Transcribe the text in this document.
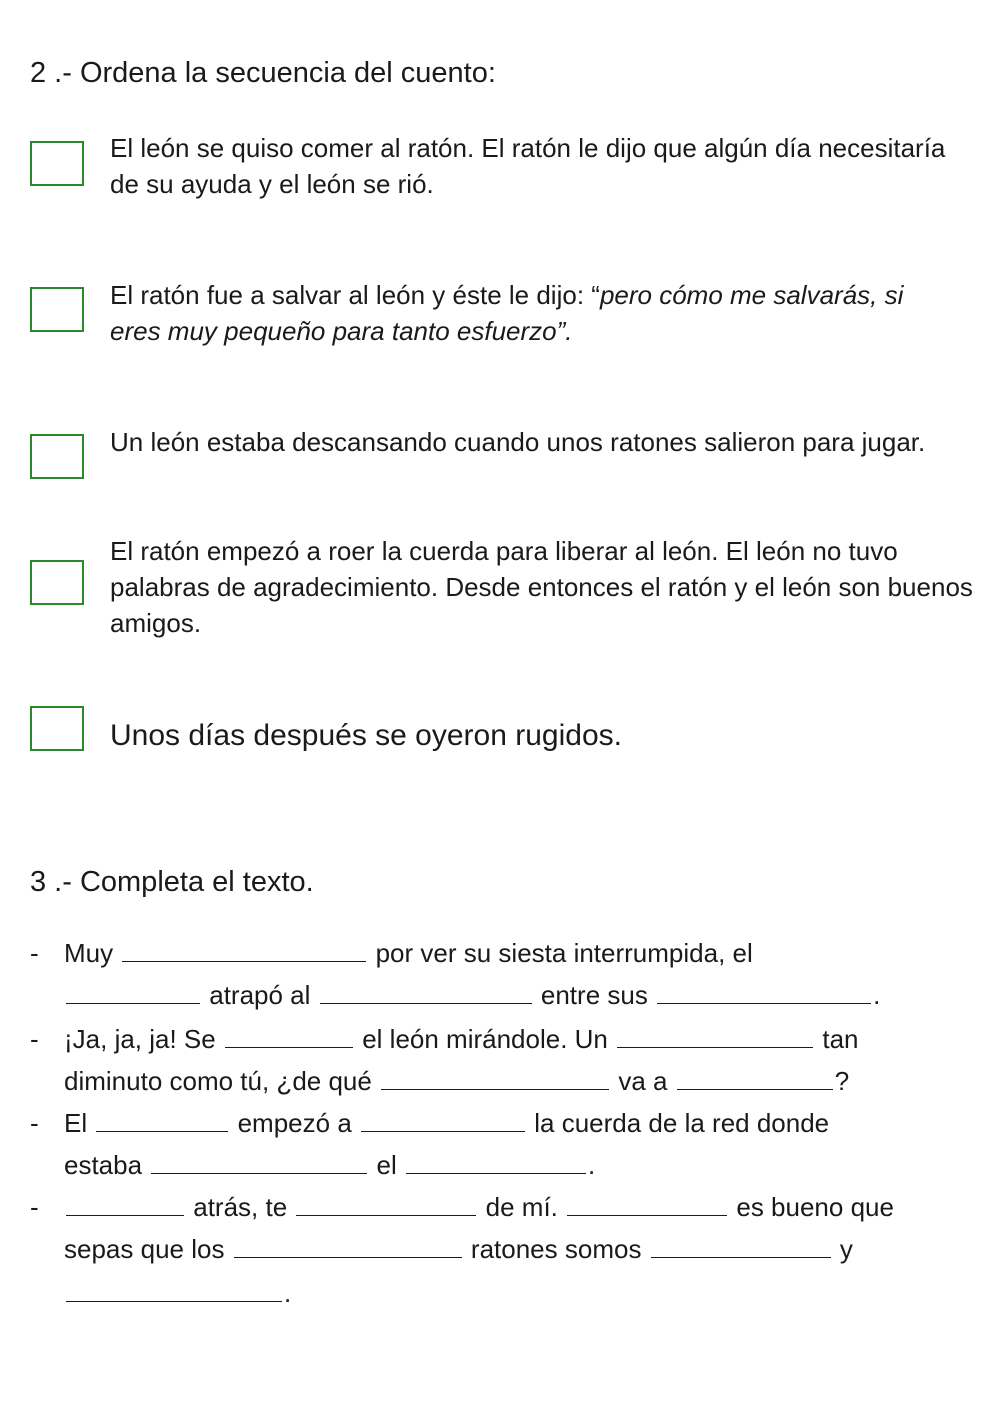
2 .- Ordena la secuencia del cuento:
El león se quiso comer al ratón. El ratón le dijo que algún día necesitaría de su ayuda y el león se rió.
El ratón fue a salvar al león y éste le dijo: “pero cómo me salvarás, si eres muy pequeño para tanto esfuerzo”.
Un león estaba descansando cuando unos ratones salieron para jugar.
El ratón empezó a roer la cuerda para liberar al león. El león no tuvo palabras de agradecimiento. Desde entonces el ratón y el león son buenos amigos.
Unos días después se oyeron rugidos.
3 .- Completa el texto.
- Muy	por ver su siesta interrumpida, el
atrapó al	entre sus	.
- ¡Ja, ja, ja! Se	el león mirándole. Un	tan
diminuto como tú, ¿de qué	va a	?
- El	empezó a	la cuerda de la red donde
estaba	el	.
-	atrás, te	de mí.	es bueno que
sepas que los	ratones somos	y
.
